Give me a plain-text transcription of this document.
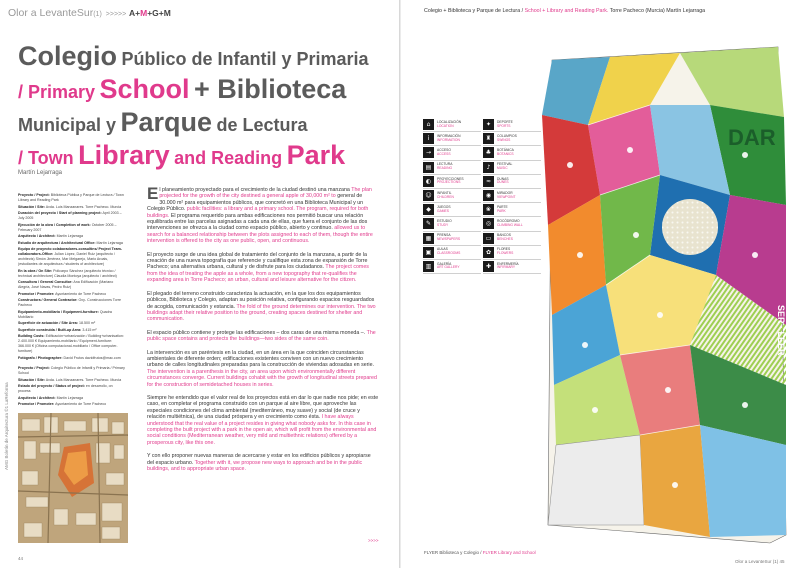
Olor a LevanteSur(1) >>>>> A+M+G+M
Colegio Público de Infantil y Primaria
/ Primary School + Biblioteca
Municipal y Parque de Lectura
/ Town Library and Reading Park
Martín Lejarraga

Proyecto / Project: Biblioteca Pública y Parque de Lectura / Town Library and Reading Park

Situación / Site: Avda. Luis Manzanares. Torre Pacheco. Murcia

Duración del proyecto / Start of planning project: April 2003 – July 2005

Ejecución de la obra / Completion of work: October 2005 – February 2007

Arquitecto / Architect: Martín Lejarraga

Estudio de arquitectura / Architectural Office: Martín Lejarraga

Equipo de proyecto colaboradores-consultins/ Project Team-collaborators-Office: Julian López, Daniel Ruiz (arquitecto / architects) Simón Jiménez, Mar Melgarejo, Mario Aroais, (estudiantes de arquitectura / students of architecture)

En la obra / On Site: Policarpo Sánchez (arquitecto técnico / technical architecture) Claudia Montoya (arquitecto / architect)

Consultora / General Consultor: Ana Edificación (Mariano Alegría, José Navas, Pedro Ruiz)

Promotor / Promoter: Ayuntamiento de Torre Pacheco

Constructora / General Contractor: Oxy- Construcciones Torre Pacheco

Equipamiento-mobiliario / Equipment-furniture: Quadra Mobiliario

Superficie de actuación / Site Area: 18.500 m²

Superficie construida / Built-up Area: 3.415 m²

Building Costs: Edificación+urbanización / Building+urbanisation: 2.400.000 € Equipamiento-mobiliario / Equipment-furniture: 366.000 € (Oficina computacional-mobiliario / Office computer-furniture)

Fotógrafo / Photographer: David Frutos davidfrutos@mac.com

Proyecto / Project: Colegio Público de Infantil y Primaria / Primary School

Situación / Site: Avda. Luis Manzanares. Torre Pacheco. Murcia

Estado del proyecto / Status of project: en desarrollo, on process

Arquitecto / Architect: Martín Lejarraga

Promotor / Promoter: Ayuntamiento de Torre Pacheco

AMG Boletín de Arquitectura ©1 LaReforma
44

El planeamiento proyectado para el crecimiento de la ciudad destinó una manzana The plan projected for the growth of the city destined a general apple of 30,000 m² to general de 30.000 m² para equipamientos públicos, que concretó en una Biblioteca Municipal y un Colegio Público. public facilities: a library and a primary school. The program, required for both buildings. El programa requerido para ambas edificaciones nos permitió buscar una relación equilibrada entre las parcelas asignadas a cada una de ellas, que fuera el conjunto de las dos intervenciones se ofrezca a la ciudad como espacio público, abierto y continuo. allowed us to search for a balanced relationship between the plots assigned to each of them, though the entire intervention is offered to the city as one public, open, and continuous.

El proyecto surge de una idea global de tratamiento del conjunto de la manzana, a partir de la creación de una nueva topografía que referencie y cualifique esta zona de expansión de Torre Pacheco; una alternativa urbana, cultural y de disfrute para los ciudadanos. The project comes from the idea of treating the apple as a whole, from a new topography that re-qualifies the expanding area in Torre Pacheco; an urban, cultural and leisure alternative for the citizen.

El plegado del terreno construido caracteriza la actuación, en la que los dos equipamientos públicos, Biblioteca y Colegio, adaptan su posición relativa, configurando espacios resguardados de acogida, comunicación y estancia. The fold of the ground determines our intervention. The two buildings adapt their relative position to the ground, creating spaces destined for shelter and communication.

El espacio público contiene y protege las edificaciones – dos caras de una misma moneda –. The public space contains and protects the buildings—two sides of the same coin.

La intervención es un paréntesis en la ciudad, en un área en la que coinciden circunstancias ambientales de diferente orden; edificaciones existentes conviven con un nuevo crecimiento urbano de calles longitudinales preparadas para la construcción de viviendas adosadas en serie. The intervention is a parenthesis in the city, an area upon which environmentally different circumstances converge. Current buildings cohabit with the growth of longitudinal streets prepared for the construction of semidetached houses in series.

Siempre he entendido que el valor real de los proyectos está en dar lo que nadie nos pide; en este caso, en completar el programa construido con un parque al aire libre, que aproveche las especiales condiciones del clima ambiental (mediterráneo, muy suave) y social (de cruce y relación multiétnica), de una ciudad próspera y en crecimiento como ésta. I have always understood that the real value of a project resides in giving what nobody asks for. In this case in completing the built project with a park in the open air, which will profit from the environmental and social conditions (Mediterranean weather, very mild and multiethnic relations) offered by a prosperous city, like this one.

Y con ello proponer nuevas maneras de acercarse y estar en los edificios públicos y apropiarse del espacio urbano. Together with it, we propose new ways to approach and be in the public buildings, and to appropriate urban space.

>>>>
Colegio + Biblioteca y Parque de Lectura / School + Library and Reading Park. Torre Pacheco (Murcia) Martín Lejarraga
⌂	LOCALIZACIÓN
LOCATION
i	INFORMACIÓN
INFORMATION
→	ACCESO
ACCESS
▤	LECTURA
READING
◐	PROYECCIONES
PROJECTIONS
☺	INFANTIL
CHILDREN
◆	JUEGOS
GAMES
✎	ESTUDIO
STUDY
▦	PRENSA
NEWSPAPERS
▣	AULAS
CLASSROOMS
▥	GALERÍA
ART GALLERY
✦	DEPORTE
SPORTS
♜	COLUMPIOS
SWINGS
♣	BOTÁNICA
BOTANICS
♪	FESTIVAL
MUSIC
≈	DUNAS
DUNES
◉	MIRADOR
VIEWPOINT
❀	PARTE
PARK
◎	ROCÓDROMO
CLIMBING WALL
▭	BANCOS
BENCHES
✿	FLORES
FLOWERS
✚	ENFERMERÍA
INFIRMARY
DAR
SER · LEER
FLYER Biblioteca y Colegio / FLYER Library and School
Olor a LevanteSur (1) 45
